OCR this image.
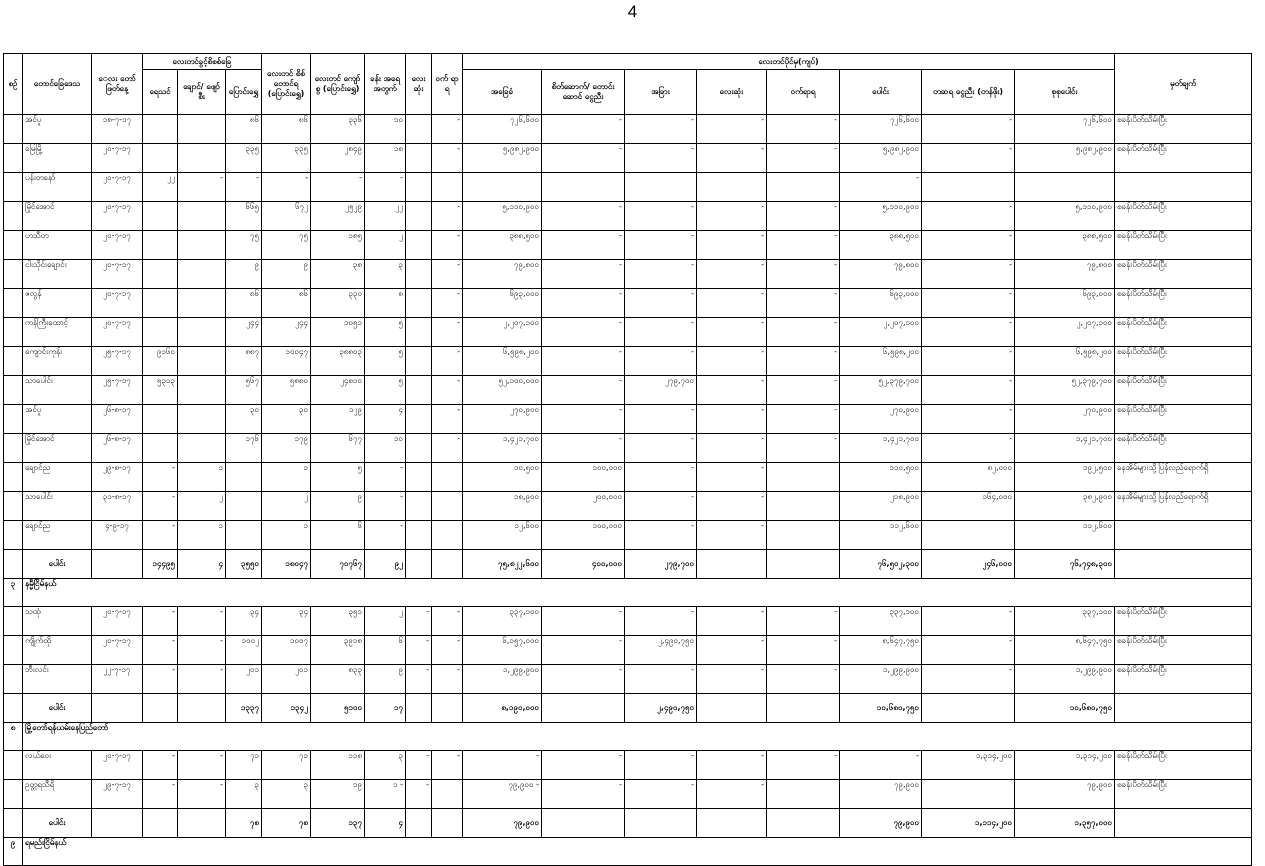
4
စဉ်	တောင်ခြေဒေသ	ေလး တော် ဖြတ်နေ့	လေးတင်ခွင့်စိစစ်ခြေ			လေးတင် စိစ် တောင်ရ (ပြောင်းရွှေ)	လေးတင် ကျော်စွ (ပြောင်းရွှေ)	ခန်း အရေ အတွက်	လေး ဆုံး	ဝက် ရာ ရ	လေးတင်ပိုင်မှ(ကျပ်)								မှတ်ချက်
			ရေသင်	ချောင်/ ဖျော်စီး	ပြောင်းရွှေ						အခြေခံ	စိတ်ဆောက်/ တောင်းဆောင် ငွေညီး	အခြား	လေးဆုံး	ဝက်ရာရ	ပေါင်း	တဆရ ငွေညီး (တန်ဖိုး)	စုစုပေါင်း	
	အင်ပူ	၁၈-၇-၁၇			၈၆	၈၆	၃၃၆	၁၀		-	၇၂၆,၆၀၀	-	-	-	-	၇၂၆,၆၀၀	-	၇၂၆,၆၀၀	စခန်းပိတ်သိမ်းပြီး
	မြေမြို့	၂၀-၇-၁၇			၃၃၅	၃၃၅	၂၈၄၉	၁၈		-	၅,၉၈၂,၉၀၀	-	-	-	-	၅,၉၈၂,၉၀၀	-	၅,၉၈၂,၉၀၀	စခန်းပိတ်သိမ်းပြီး
	ပန်းတနော်	၂၀-၇-၁၇	၂၂	-	-	-	-	-								-			
	မြိုင်အောင်	၂၀-၇-၁၇			၆၆၅	၆၇၂	၂၅၂၉	၂၂		-	၅,၁၁၀,၉၀၀	-	-	-	-	၅,၁၁၀,၉၀၀	-	၅,၁၁၀,၉၀၀	စခန်းပိတ်သိမ်းပြီး
	ဟသီတ	၂၀-၇-၁၇			၇၅	၇၅	၁၈၅	၂		-	၃၈၈,၅၀၀	-	-	-	-	၃၈၈,၅၀၀	-	၃၈၈,၅၀၀	စခန်းပိတ်သိမ်းပြီး
	ငါးသိုင်းချောင်း	၂၀-၇-၁၇			၉	၉	၃၈	၃		-	၇၉,၈၀၀	-	-	-	-	၇၉,၈၀၀	-	၇၉,၈၀၀	စခန်းပိတ်သိမ်းပြီး
	ဇလွန်	၂၀-၇-၁၇			၈၆	၈၆	၃၃၀	၈		-	၆၉၃,၀၀၀	-	-	-	-	၆၉၃,၀၀၀	-	၆၉၃,၀၀၀	စခန်းပိတ်သိမ်းပြီး
	ကန်ကြီးထောင့်	၂၀-၇-၁၇			၂၄၄	၂၄၄	၁၀၅၁	၅		-	၂,၂၀၇,၁၀၀	-	-	-	-	၂,၂၀၇,၁၀၀	-	၂,၂၀၇,၁၀၀	စခန်းပိတ်သိမ်းပြီး
	ကျောင်းကုန်း	၂၅-၇-၁၇	၉၁၆၀		၈၈၇	၁၀၀၄၇	၃၈၈၀၃	၅		-	၆,၅၉၈,၂၀၀	-	-	-	-	၆,၅၉၈,၂၀၀	-	၆,၅၉၈,၂၀၀	စခန်းပိတ်သိမ်းပြီး
	သာပေါင်း	၂၅-၇-၁၇	၅၃၁၃		၅၆၇	၅၈၈၀	၂၄၈၁၀	၅		-	၅၂,၁၀၀,၀၀၀	-	၂၇၉,၇၀၀	-	-	၅၂,၃၇၉,၇၀၀	-	၅၂,၃၇၉,၇၀၀	စခန်းပိတ်သိမ်းပြီး
	အင်ပူ	၂၆-၈-၁၇			၃၀	၃၀	၁၂၉	၄		-	၂၇၀,၉၀၀	-	-	-	-	၂၇၀,၉၀၀	-	၂၇၀,၉၀၀	စခန်းပိတ်သိမ်းပြီး
	မြိုင်အောင်	၂၆-၈-၁၇			၁၇၆	၁၇၉	၆၇၇	၁၀		-	၁,၄၂၁,၇၀၀	-	-	-	-	၁,၄၂၁,၇၀၀	-	၁,၄၂၁,၇၀၀	စခန်းပိတ်သိမ်းပြီး
	ချောင်ည	၂၉-၈-၁၇	-	၁		၁	၅	-			၁၀,၅၀၀	၁၀၀,၀၀၀	-	-		၁၁၀,၅၀၀	၈၂,၀၀၀	၁၉၂,၅၀၀	နေအိမ်များသို့ပြန်လည်ရောက်ရှိ
	သာပေါင်း	၃၁-၈-၁၇	-	၂		၂	၉	-			၁၈,၉၀၀	၂၀၀,၀၀၀	-	-		၂၁၈,၉၀၀	၁၆၄,၀၀၀	၃၈၂,၉၀၀	နေအိမ်များသို့ပြန်လည်ရောက်ရှိ
	ချောင်ည	၄-၉-၁၇	-	၁		၁	၆	-			၁၂,၆၀၀	၁၀၀,၀၀၀	-	-		၁၁၂,၆၀၀		၁၁၂,၆၀၀	
	ပေါင်း		၁၄၄၉၅	၄	၃၅၅၀	၁၈၀၄၇	၇၀၇၆၇	၉၂			၇၅,၈၂၂,၆၀၀	၄၀၀,၀၀၀	၂၇၉,၇၀၀			၇၆,၅၀၂,၃၀၀	၂၄၆,၀၀၀	၇၆,၇၄၈,၃၀၀	
၃	နမ္မီငြိမ်နယ်																		
	သထုံ	၂၀-၇-၁၇	-	-	၃၄	၃၄	၃၅၁	၂	-	-	၃၃၇,၁၀၀	-	-	-	-	၃၃၇,၁၀၀	-	၃၃၇,၁၀၀	စခန်းပိတ်သိမ်းပြီး
	ကျိုက်ထို	၂၀-၇-၁၇	-	-	၁၀၀၂	၁၀၀၇	၃၉၁၈	၆	-	-	၆,၁၅၇,၀၀၀	-	၂,၄၉၀,၇၅၀	-	-	၈,၆၄၇,၇၅၀	-	၈,၆၄၇,၇၅၀	စခန်းပိတ်သိမ်းပြီး
	ဘီးလင်း	၂၂-၇-၁၇	-	-	၂၀၁	၂၀၁	၈၃၃	၉	-	-	၁,၂၉၉,၉၀၀	-	-	-	-	၁,၂၉၉,၉၀၀	-	၁,၂၉၉,၉၀၀	စခန်းပိတ်သိမ်းပြီး
	ပေါင်း				၁၃၃၇	၁၃၄၂	၅၁၀၀	၁၇			၈,၁၉၀,၀၀၀		၂,၄၉၀,၇၅၀			၁၀,၆၈၀,၇၅၀		၁၀,၆၈၀,၇၅၀	
၈	မြို့တော်ရန်ယမ်းနေပြည်တော်																		
	လယ်ဝေး	၂၀-၇-၁၇	-	-	၇၁	၇၁	၁၁၈	၃	-	-	-	-	-	-	-	-	၁,၃၁၄,၂၀၀	၁,၃၁၄,၂၀၀	စခန်းပိတ်သိမ်းပြီး
	ဥတ္တရသီရိ	၂၉-၇-၁၇	-	-	၃	၃	၁၉	၁ -	-		၇၉,၉၀၀ -	-	-	-		၇၉,၉၀၀		၇၉,၉၀၀	စခန်းပိတ်သိမ်းပြီး
	ပေါင်း				၇၈	၇၈	၁၃၇	၄			၇၉,၉၀၀					၇၉,၉၀၀	၁,၁၁၄,၂၀၀	၁,၃၅၇,၀၀၀	
၉	ရမည်းငြိမ်နယ်																		
